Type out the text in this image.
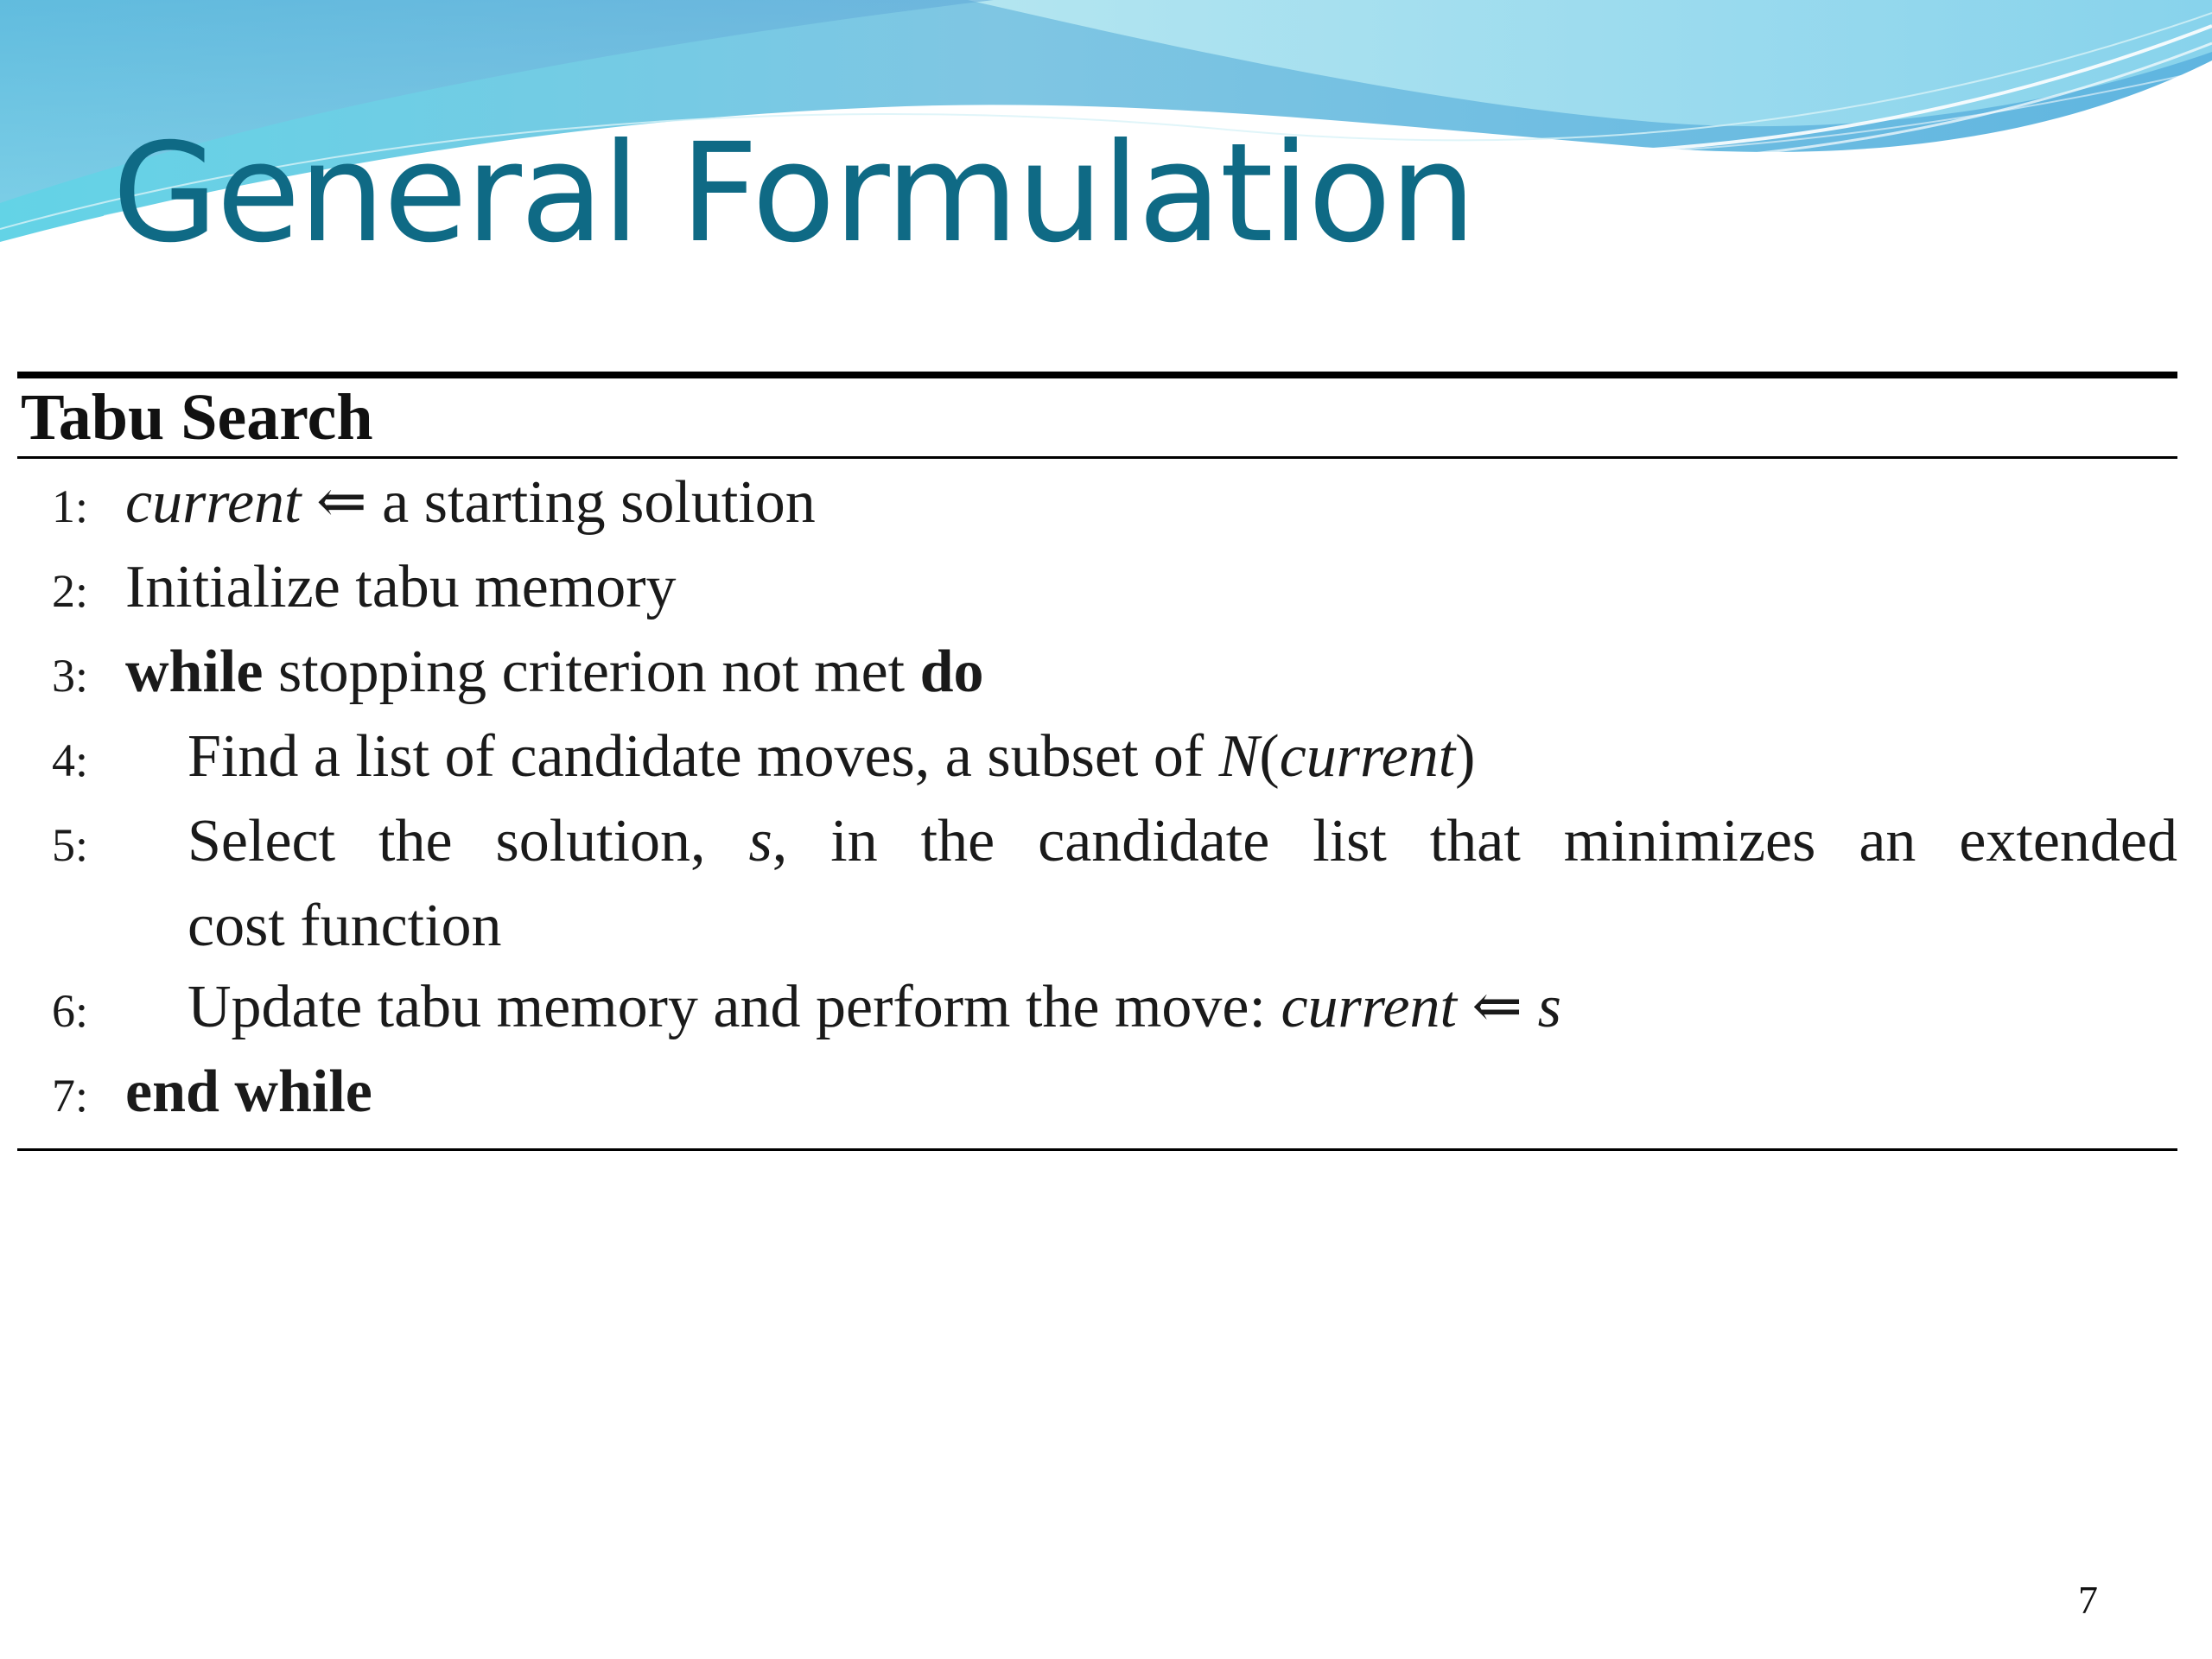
General Formulation
Tabu Search
1: current ⇐ a starting solution
2: Initialize tabu memory
3: while stopping criterion not met do
4:	Find a list of candidate moves, a subset of N(current)
5:	Select the solution, s, in the candidate list that minimizes an extended
cost function
6:	Update tabu memory and perform the move: current ⇐ s
7: end while
7
